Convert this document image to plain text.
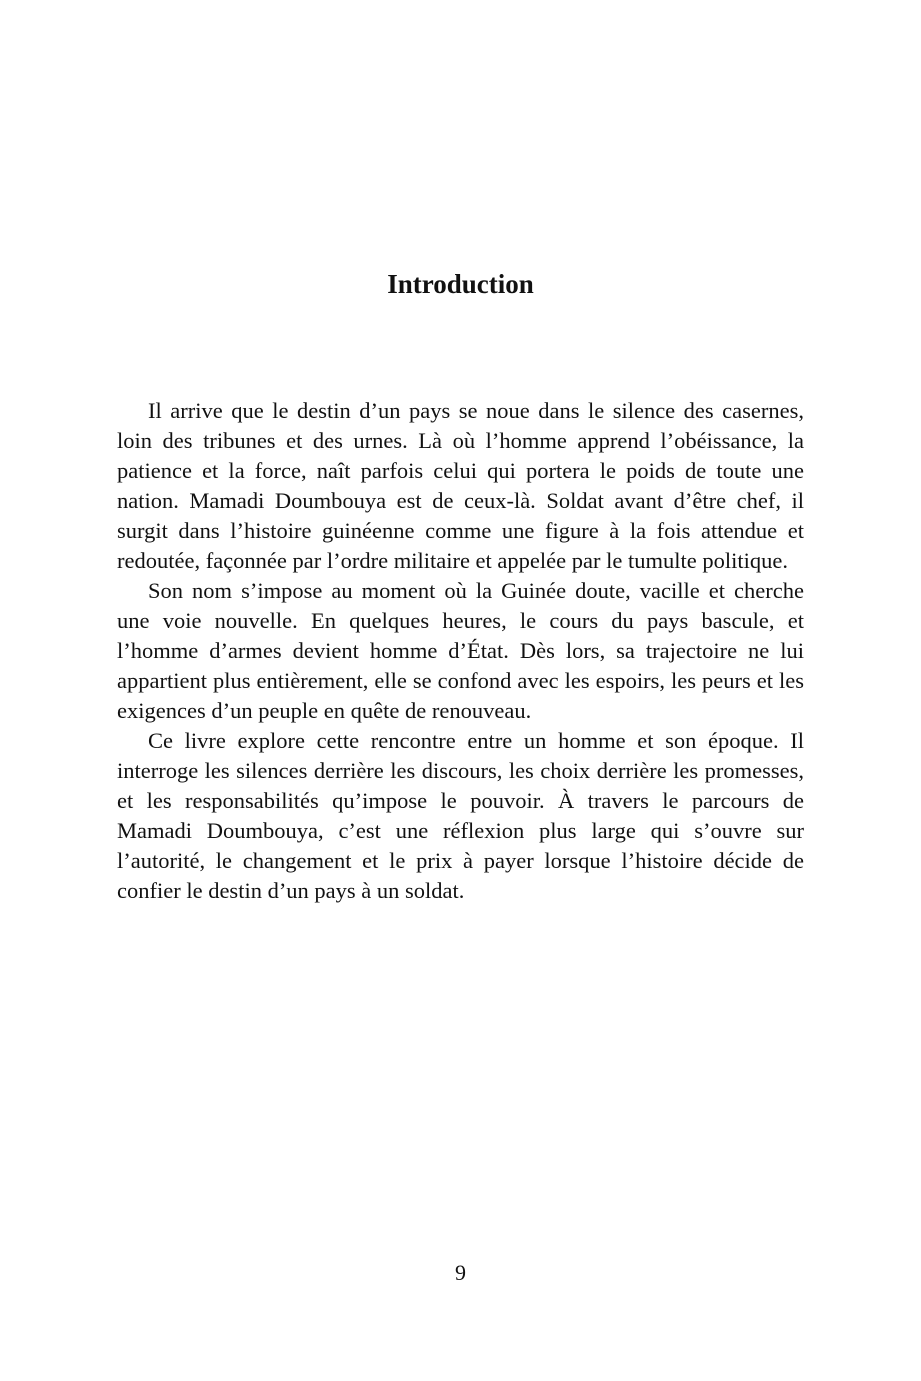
Introduction

Il arrive que le destin d’un pays se noue dans le silence des casernes, loin des tribunes et des urnes. Là où l’homme apprend l’obéissance, la patience et la force, naît parfois celui qui portera le poids de toute une nation. Mamadi Doumbouya est de ceux-là. Soldat avant d’être chef, il surgit dans l’histoire guinéenne comme une figure à la fois attendue et redoutée, façonnée par l’ordre militaire et appelée par le tumulte politique.

Son nom s’impose au moment où la Guinée doute, vacille et cherche une voie nouvelle. En quelques heures, le cours du pays bascule, et l’homme d’armes devient homme d’État. Dès lors, sa trajectoire ne lui appartient plus entièrement, elle se confond avec les espoirs, les peurs et les exigences d’un peuple en quête de renouveau.

Ce livre explore cette rencontre entre un homme et son époque. Il interroge les silences derrière les discours, les choix derrière les promesses, et les responsabilités qu’impose le pouvoir. À travers le parcours de Mamadi Doumbouya, c’est une réflexion plus large qui s’ouvre sur l’autorité, le changement et le prix à payer lorsque l’histoire décide de confier le destin d’un pays à un soldat.

9
